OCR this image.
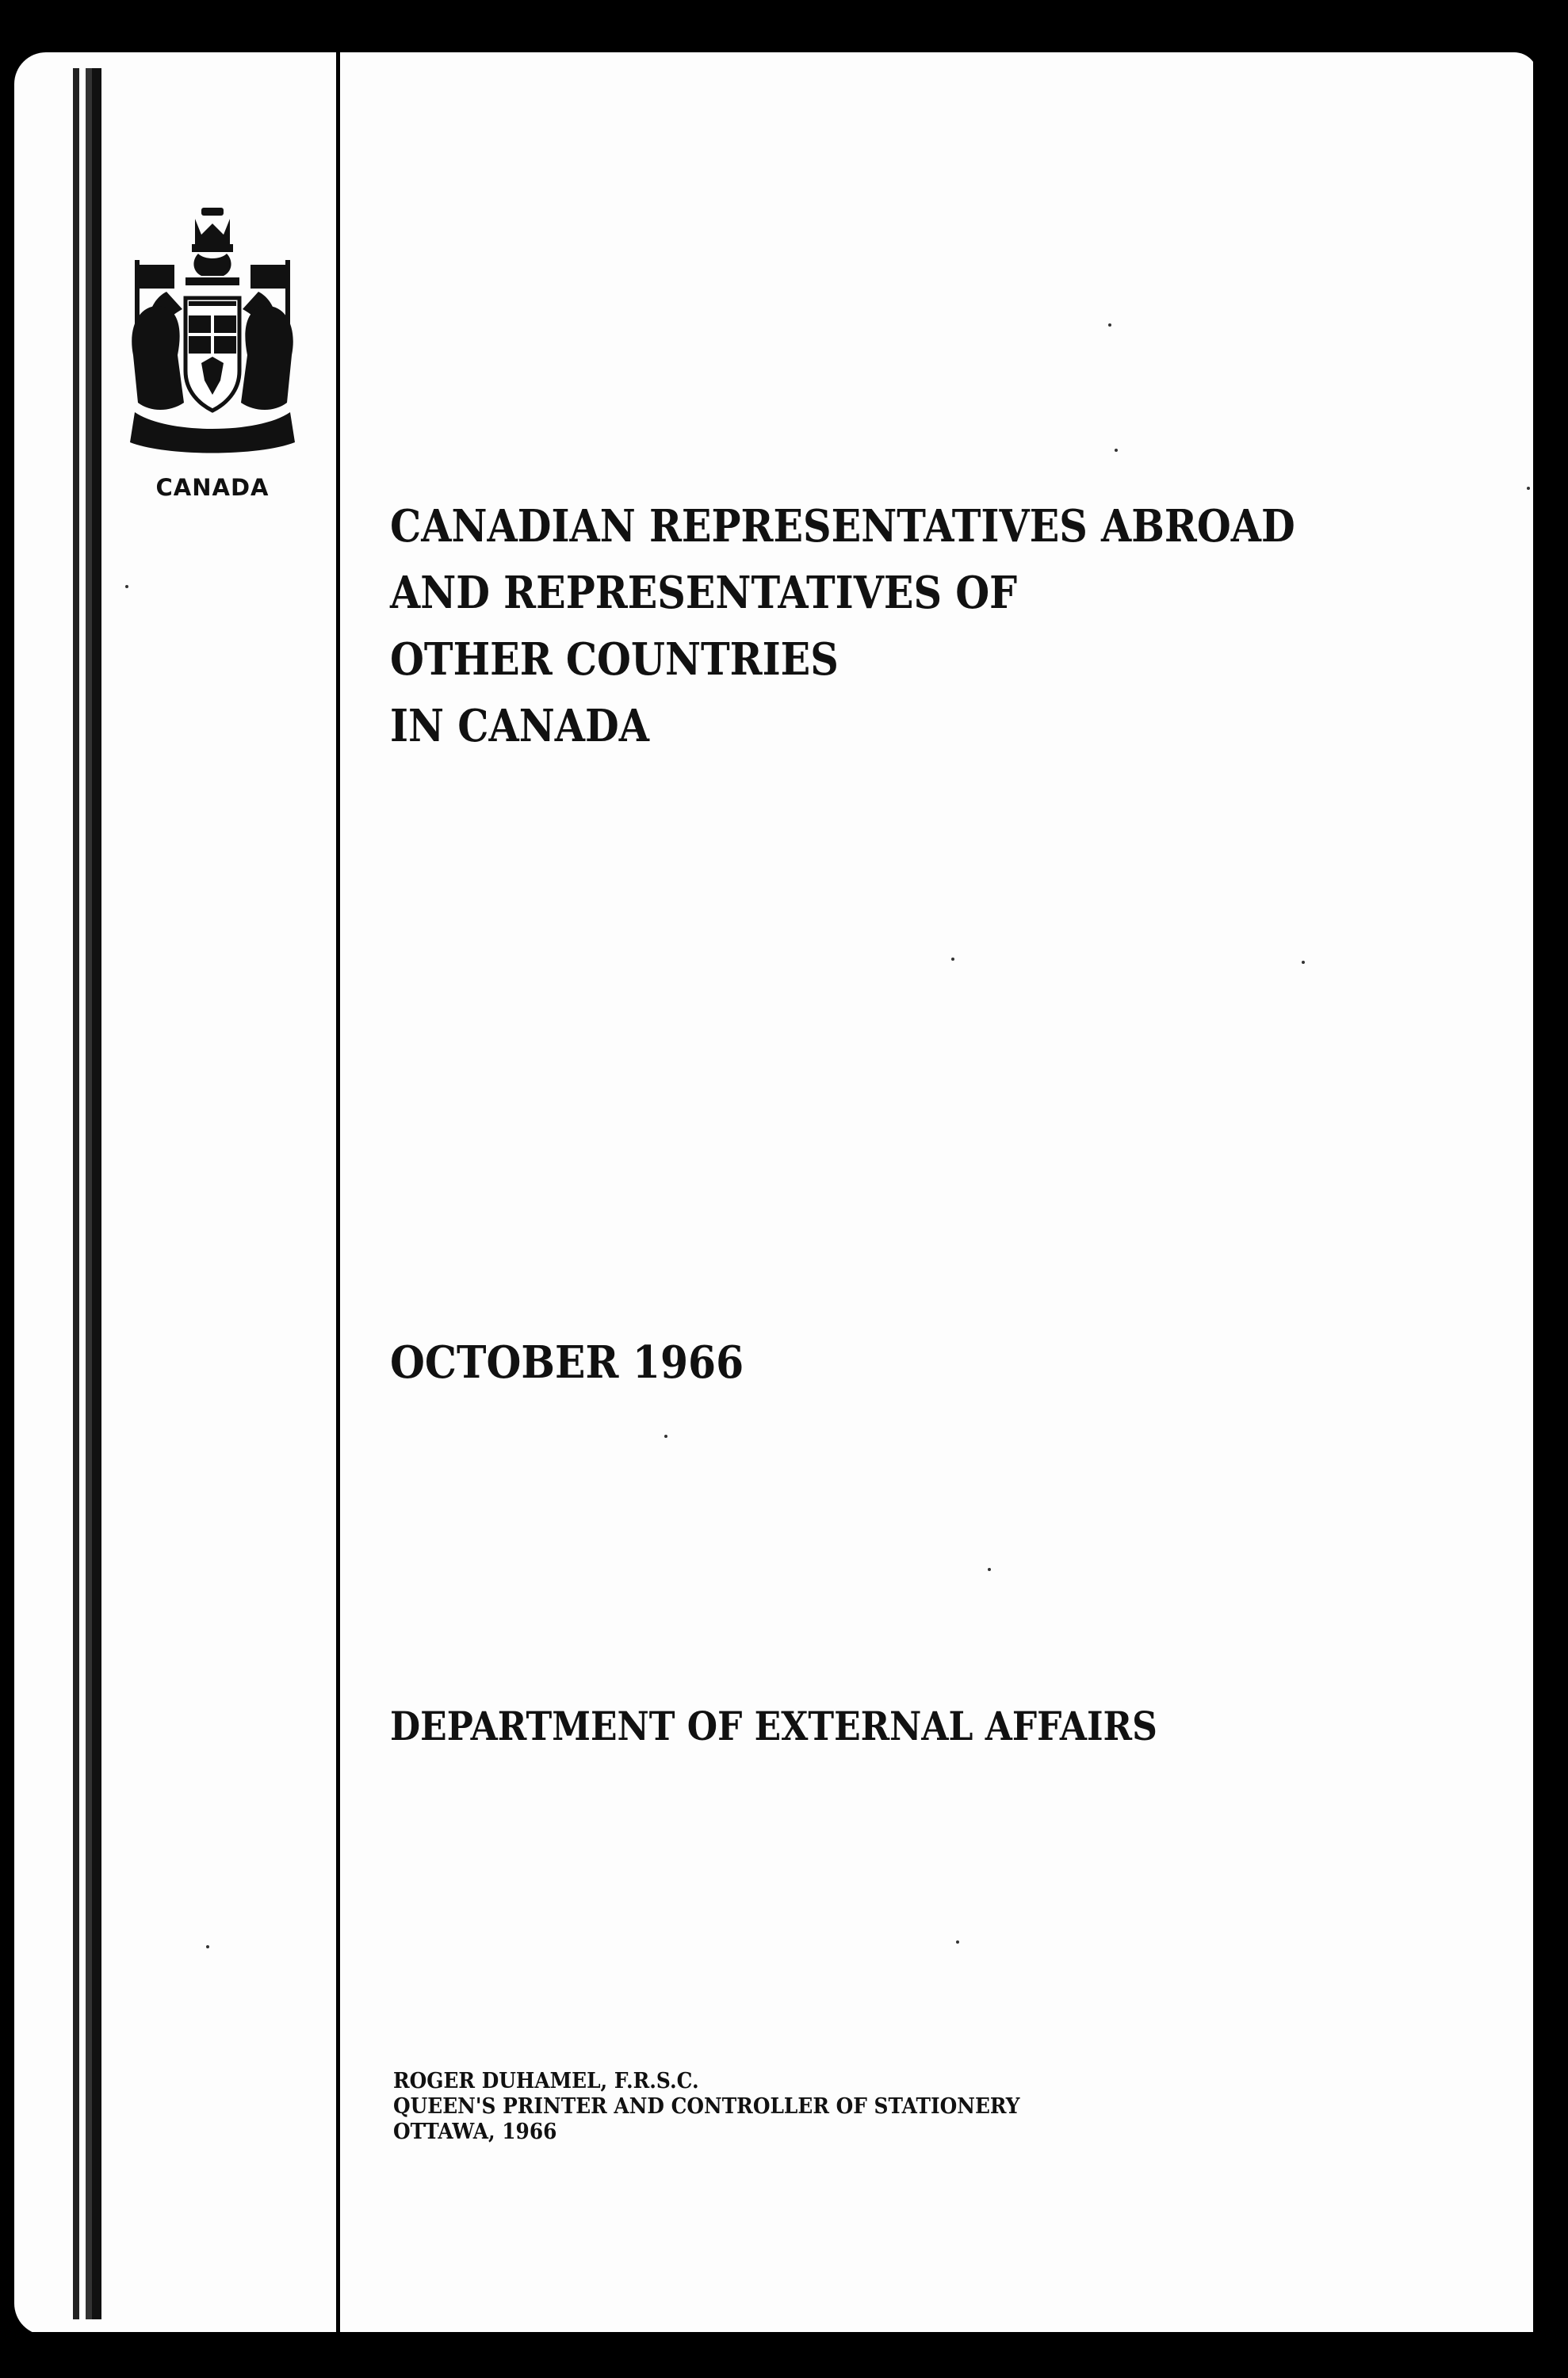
CANADA
CANADIAN REPRESENTATIVES ABROAD
AND REPRESENTATIVES OF
OTHER COUNTRIES
IN CANADA
OCTOBER 1966
DEPARTMENT OF EXTERNAL AFFAIRS
ROGER DUHAMEL, F.R.S.C.
QUEEN'S PRINTER AND CONTROLLER OF STATIONERY
OTTAWA, 1966
